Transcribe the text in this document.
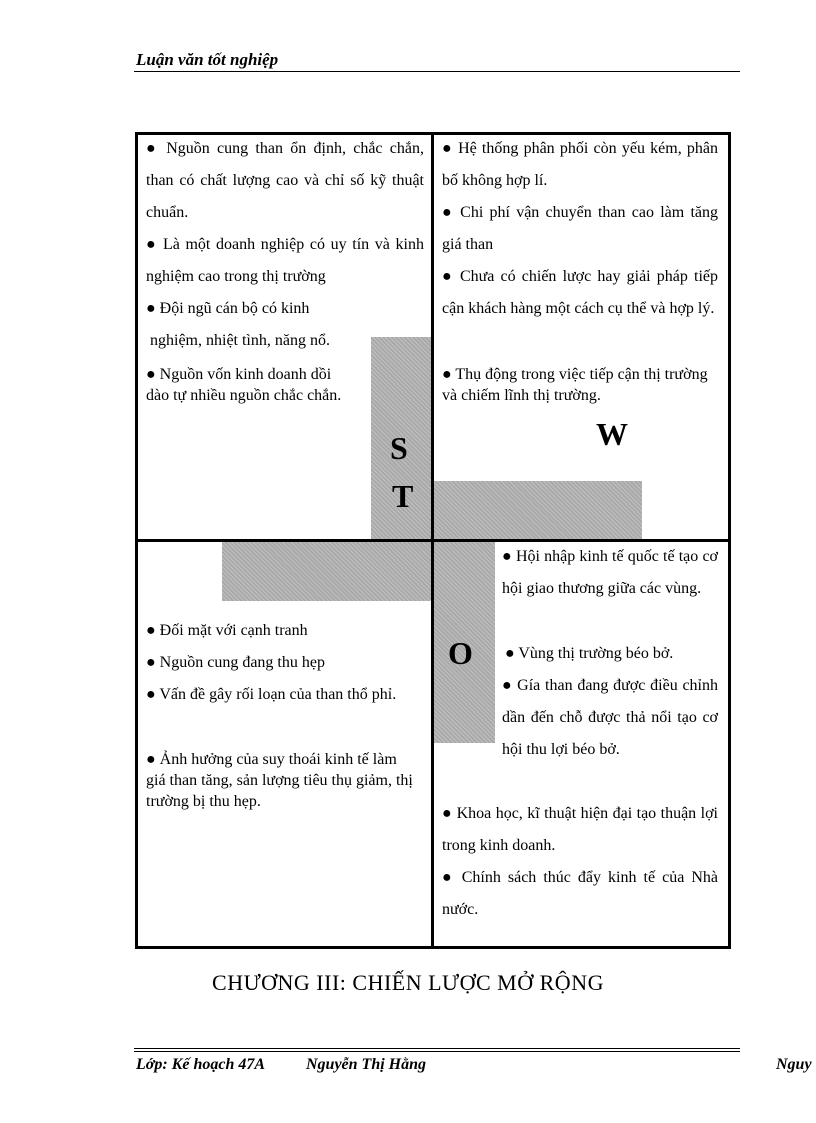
Luận văn tốt nghiệp
● Nguồn cung than ổn định, chắc chắn, than có chất lượng cao và chỉ số kỹ thuật chuẩn.
● Là một doanh nghiệp có uy tín và kinh nghiệm cao trong thị trường
● Đội ngũ cán bộ có kinh
nghiệm, nhiệt tình, năng nổ.
● Nguồn vốn kinh doanh dồi dào tự nhiều nguồn chắc chắn.
S
● Hệ thống phân phối còn yếu kém, phân bố không hợp lí.
● Chi phí vận chuyển than cao làm tăng giá than
● Chưa có chiến lược hay giải pháp tiếp cận khách hàng một cách cụ thể và hợp lý.
● Thụ động trong việc tiếp cận thị trường và chiếm lĩnh thị trường.
W
T
● Đối mặt với cạnh tranh
● Nguồn cung đang thu hẹp
● Vấn đề gây rối loạn của than thổ phỉ.
● Ảnh hưởng của suy thoái kinh tế làm giá than tăng, sản lượng tiêu thụ giảm, thị trường bị thu hẹp.
O
● Hội nhập kinh tế quốc tế tạo cơ hội giao thương giữa các vùng.
● Vùng thị trường béo bở.
● Gía than đang được điều chỉnh dần đến chỗ được thả nổi tạo cơ hội thu lợi béo bở.
● Khoa học, kĩ thuật hiện đại tạo thuận lợi trong kinh doanh.
● Chính sách thúc đẩy kinh tế của Nhà nước.
CHƯƠNG III: CHIẾN LƯỢC MỞ RỘNG
Lớp: Kế hoạch 47A	Nguyễn Thị Hằng	Nguy
